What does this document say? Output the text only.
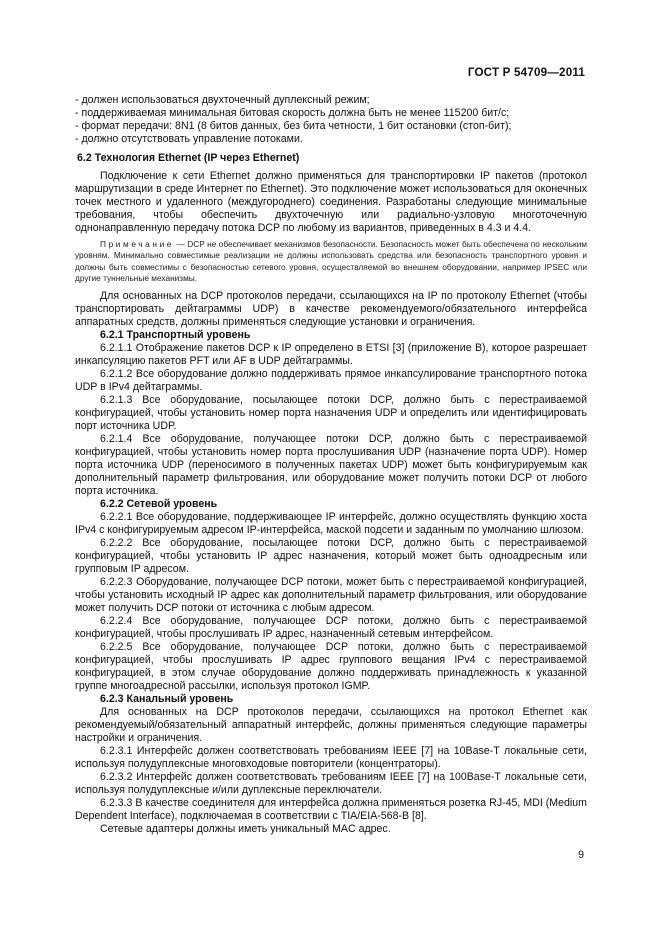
ГОСТ Р 54709—2011

- должен использоваться двухточечный дуплексный режим;

- поддерживаемая минимальная битовая скорость должна быть не менее 115200 бит/с;

- формат передачи: 8N1 (8 битов данных, без бита четности, 1 бит остановки (стоп-бит);

- должно отсутствовать управление потоками.

6.2 Технология Ethernet (IP через Ethernet)

Подключение к сети Ethernet должно применяться для транспортировки IP пакетов (протокол маршрутизации в среде Интернет по Ethernet). Это подключение может использоваться для оконечных точек местного и удаленного (междугороднего) соединения. Разработаны следующие минимальные требования, чтобы обеспечить двухточечную или радиально-узловую многоточечную однонаправленную передачу потока DCP по любому из вариантов, приведенных в 4.3 и 4.4.

Примечание — DCP не обеспечивает механизмов безопасности. Безопасность может быть обеспечена по нескольким уровням. Минимально совместимые реализации не должны использовать средства или безопасность транспортного уровня и должны быть совместимы с безопасностью сетевого уровня, осуществляемой во внешнем оборудовании, например IPSEC или другие туннельные механизмы.

Для основанных на DCP протоколов передачи, ссылающихся на IP по протоколу Ethernet (чтобы транспортировать дейтаграммы UDP) в качестве рекомендуемого/обязательного интерфейса аппаратных средств, должны применяться следующие установки и ограничения.

6.2.1 Транспортный уровень

6.2.1.1 Отображение пакетов DCP к IP определено в ETSI [3] (приложение В), которое разрешает инкапсуляцию пакетов PFT или AF в UDP дейтаграммы.

6.2.1.2 Все оборудование должно поддерживать прямое инкапсулирование транспортного потока UDP в IPv4 дейтаграммы.

6.2.1.3 Все оборудование, посылающее потоки DCP, должно быть с перестраиваемой конфигурацией, чтобы установить номер порта назначения UDP и определить или идентифицировать порт источника UDP.

6.2.1.4 Все оборудование, получающее потоки DCP, должно быть с перестраиваемой конфигурацией, чтобы установить номер порта прослушивания UDP (назначение порта UDP). Номер порта источника UDP (переносимого в полученных пакетах UDP) может быть конфигурируемым как дополнительный параметр фильтрования, или оборудование может получить потоки DCP от любого порта источника.

6.2.2 Сетевой уровень

6.2.2.1 Все оборудование, поддерживающее IP интерфейс, должно осуществлять функцию хоста IPv4 с конфигурируемым адресом IP-интерфейса, маской подсети и заданным по умолчанию шлюзом.

6.2.2.2 Все оборудование, посылающее потоки DCP, должно быть с перестраиваемой конфигурацией, чтобы установить IP адрес назначения, который может быть одноадресным или групповым IP адресом.

6.2.2.3 Оборудование, получающее DCP потоки, может быть с перестраиваемой конфигурацией, чтобы установить исходный IP адрес как дополнительный параметр фильтрования, или оборудование может получить DCP потоки от источника с любым адресом.

6.2.2.4 Все оборудование, получающее DCP потоки, должно быть с перестраиваемой конфигурацией, чтобы прослушивать IP адрес, назначенный сетевым интерфейсом.

6.2.2.5 Все оборудование, получающее DCP потоки, должно быть с перестраиваемой конфигурацией, чтобы прослушивать IP адрес группового вещания IPv4 с перестраиваемой конфигурацией, в этом случае оборудование должно поддерживать принадлежность к указанной группе многоадресной рассылки, используя протокол IGMP.

6.2.3 Канальный уровень

Для основанных на DCP протоколов передачи, ссылающихся на протокол Ethernet как рекомендуемый/обязательный аппаратный интерфейс, должны применяться следующие параметры настройки и ограничения.

6.2.3.1 Интерфейс должен соответствовать требованиям IEEE [7] на 10Base-T локальные сети, используя полудуплексные многовходовые повторители (концентраторы).

6.2.3.2 Интерфейс должен соответствовать требованиям IEEE [7] на 100Base-T локальные сети, используя полудуплексные и/или дуплексные переключатели.

6.2.3.3 В качестве соединителя для интерфейса должна применяться розетка RJ-45, MDI (Medium Dependent Interface), подключаемая в соответствии с TIA/EIA-568-B [8].

Сетевые адаптеры должны иметь уникальный MAC адрес.

9
